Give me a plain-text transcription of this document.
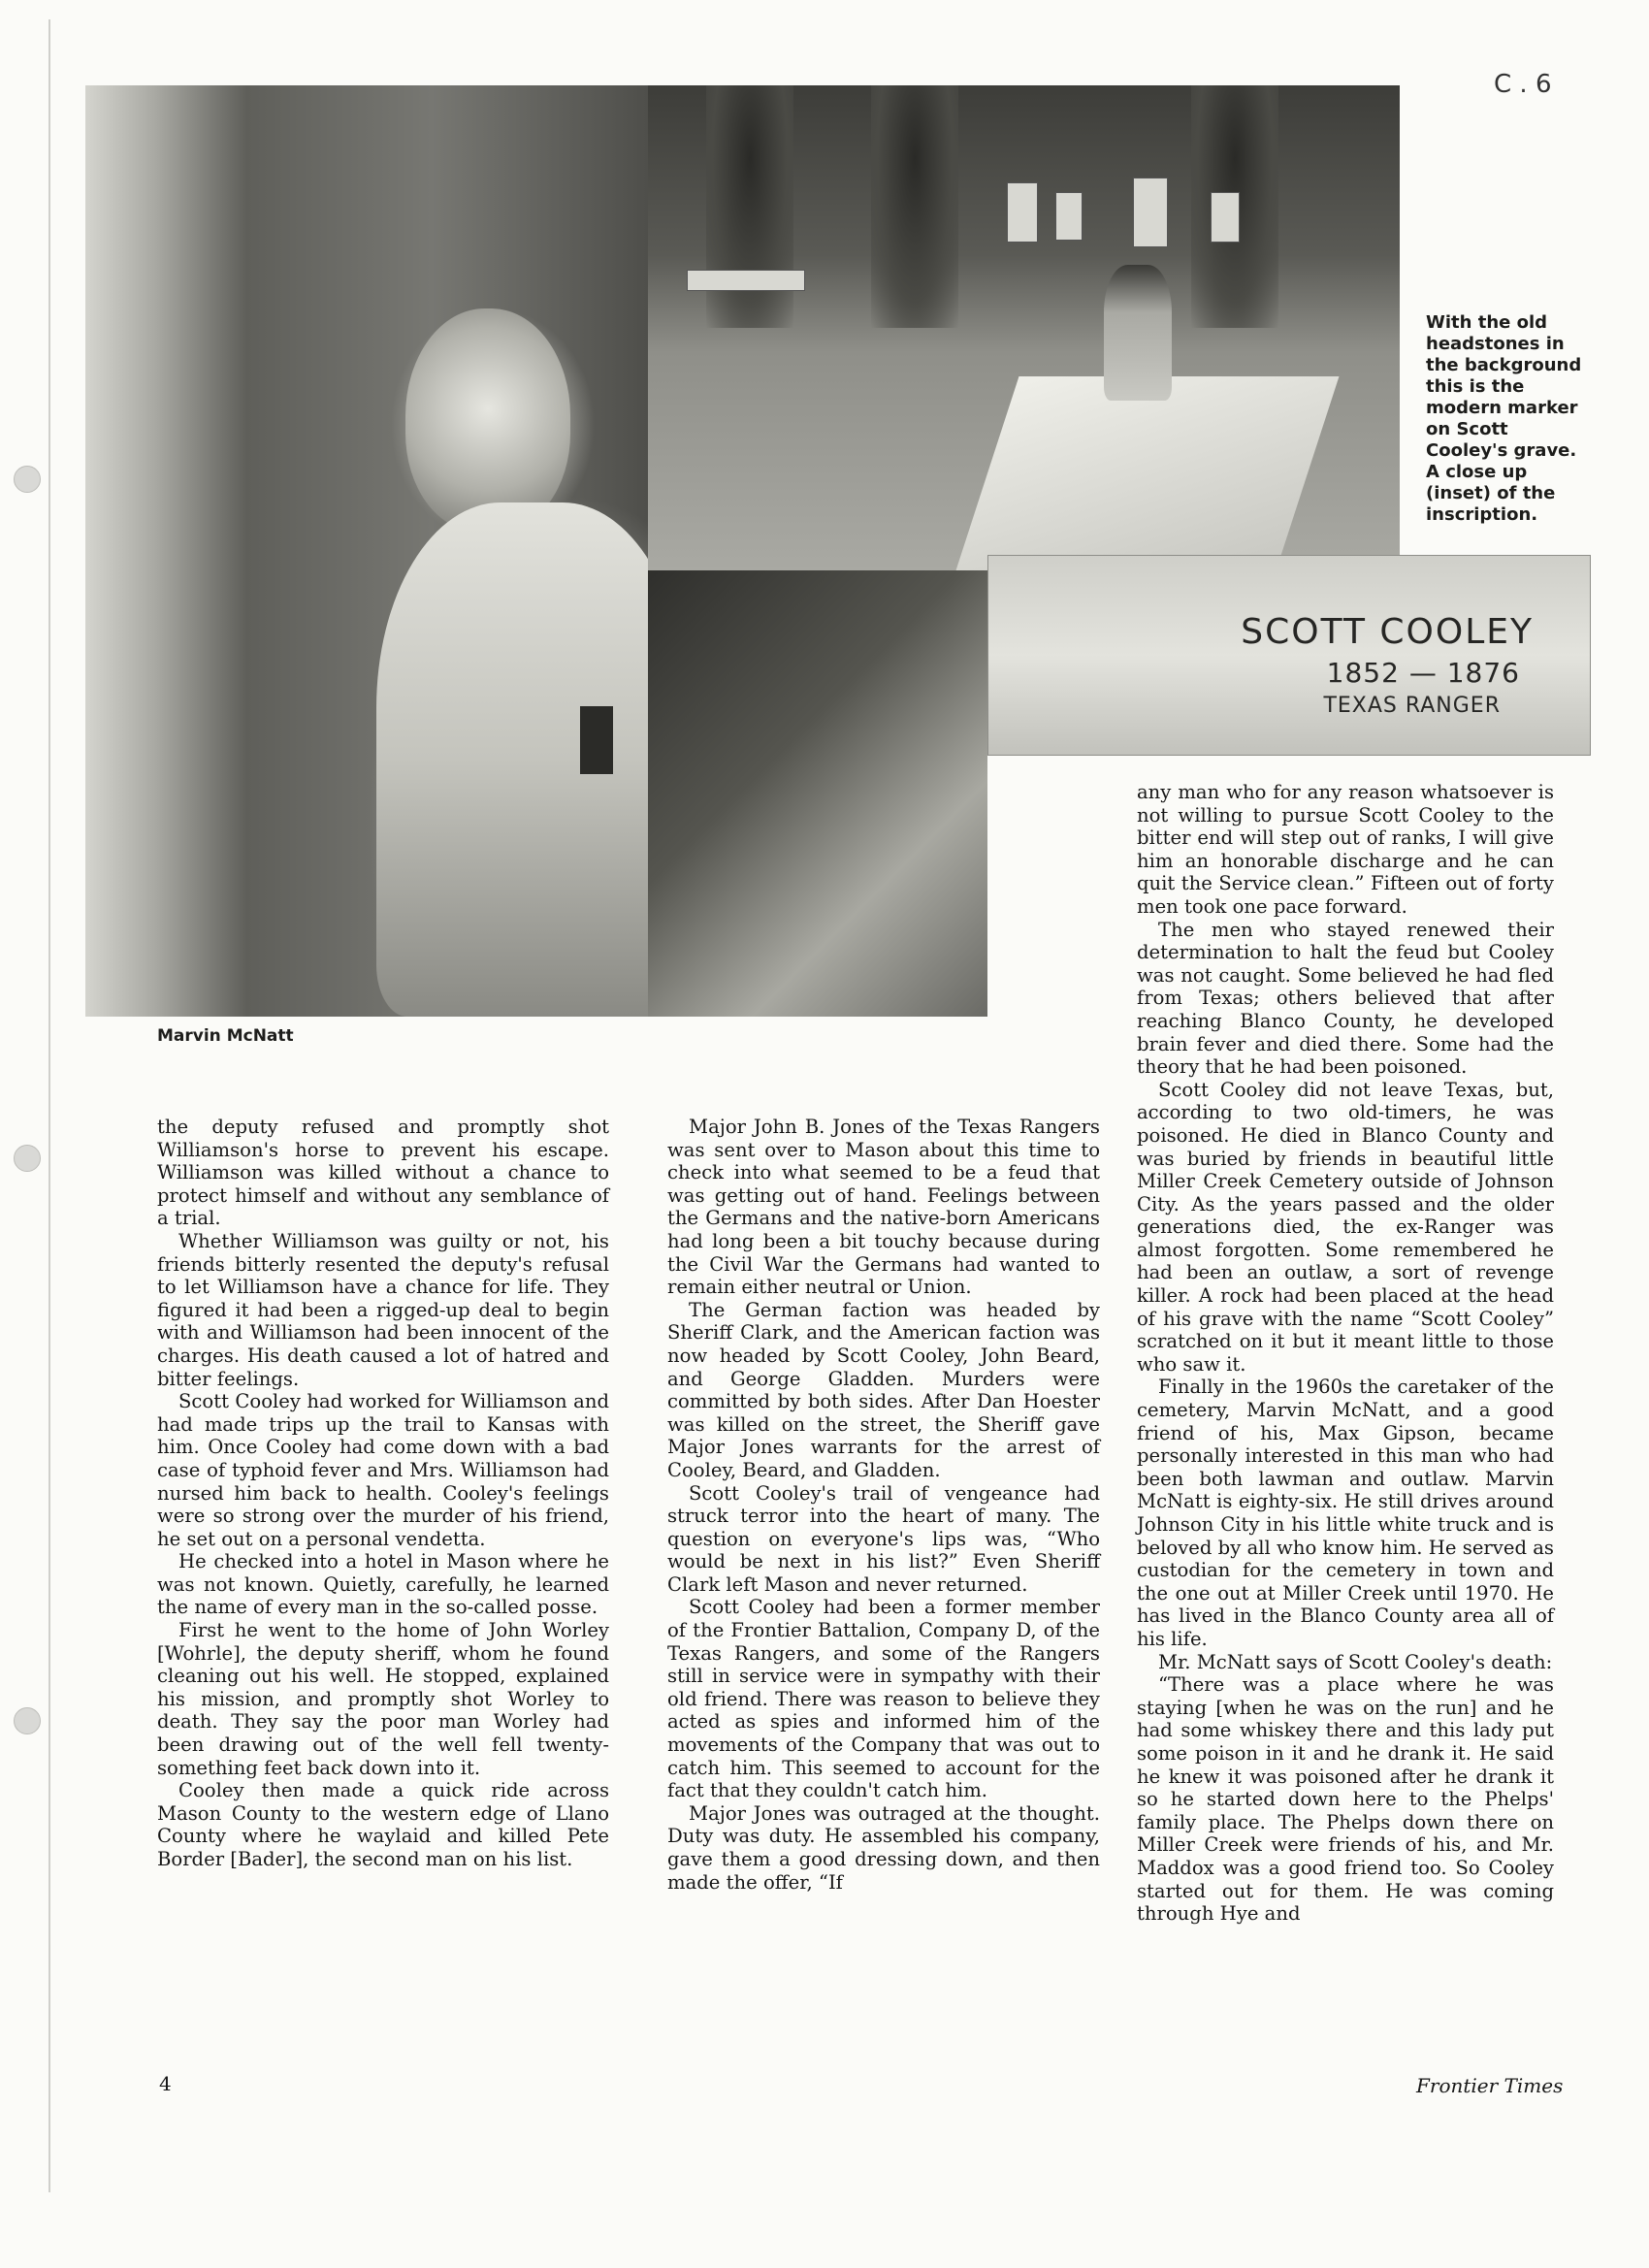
C . 6
SCOTT COOLEY
1852 — 1876
TEXAS RANGER
With the old headstones in the background this is the modern marker on Scott Cooley's grave. A close up (inset) of the inscription.
Marvin McNatt

the deputy refused and promptly shot Williamson's horse to prevent his escape. Williamson was killed without a chance to protect himself and without any semblance of a trial.

Whether Williamson was guilty or not, his friends bitterly resented the deputy's refusal to let Williamson have a chance for life. They figured it had been a rigged-up deal to begin with and Williamson had been innocent of the charges. His death caused a lot of hatred and bitter feelings.

Scott Cooley had worked for Williamson and had made trips up the trail to Kansas with him. Once Cooley had come down with a bad case of typhoid fever and Mrs. Williamson had nursed him back to health. Cooley's feelings were so strong over the murder of his friend, he set out on a personal vendetta.

He checked into a hotel in Mason where he was not known. Quietly, carefully, he learned the name of every man in the so-called posse.

First he went to the home of John Worley [Wohrle], the deputy sheriff, whom he found cleaning out his well. He stopped, explained his mission, and promptly shot Worley to death. They say the poor man Worley had been drawing out of the well fell twenty-something feet back down into it.

Cooley then made a quick ride across Mason County to the western edge of Llano County where he waylaid and killed Pete Border [Bader], the second man on his list.

Major John B. Jones of the Texas Rangers was sent over to Mason about this time to check into what seemed to be a feud that was getting out of hand. Feelings between the Germans and the native-born Americans had long been a bit touchy because during the Civil War the Germans had wanted to remain either neutral or Union.

The German faction was headed by Sheriff Clark, and the American faction was now headed by Scott Cooley, John Beard, and George Gladden. Murders were committed by both sides. After Dan Hoester was killed on the street, the Sheriff gave Major Jones warrants for the arrest of Cooley, Beard, and Gladden.

Scott Cooley's trail of vengeance had struck terror into the heart of many. The question on everyone's lips was, “Who would be next in his list?” Even Sheriff Clark left Mason and never returned.

Scott Cooley had been a former member of the Frontier Battalion, Company D, of the Texas Rangers, and some of the Rangers still in service were in sympathy with their old friend. There was reason to believe they acted as spies and informed him of the movements of the Company that was out to catch him. This seemed to account for the fact that they couldn't catch him.

Major Jones was outraged at the thought. Duty was duty. He assembled his company, gave them a good dressing down, and then made the offer, “If

any man who for any reason whatsoever is not willing to pursue Scott Cooley to the bitter end will step out of ranks, I will give him an honorable discharge and he can quit the Service clean.” Fifteen out of forty men took one pace forward.

The men who stayed renewed their determination to halt the feud but Cooley was not caught. Some believed he had fled from Texas; others believed that after reaching Blanco County, he developed brain fever and died there. Some had the theory that he had been poisoned.

Scott Cooley did not leave Texas, but, according to two old-timers, he was poisoned. He died in Blanco County and was buried by friends in beautiful little Miller Creek Cemetery outside of Johnson City. As the years passed and the older generations died, the ex-Ranger was almost forgotten. Some remembered he had been an outlaw, a sort of revenge killer. A rock had been placed at the head of his grave with the name “Scott Cooley” scratched on it but it meant little to those who saw it.

Finally in the 1960s the caretaker of the cemetery, Marvin McNatt, and a good friend of his, Max Gipson, became personally interested in this man who had been both lawman and outlaw. Marvin McNatt is eighty-six. He still drives around Johnson City in his little white truck and is beloved by all who know him. He served as custodian for the cemetery in town and the one out at Miller Creek until 1970. He has lived in the Blanco County area all of his life.

Mr. McNatt says of Scott Cooley's death:

“There was a place where he was staying [when he was on the run] and he had some whiskey there and this lady put some poison in it and he drank it. He said he knew it was poisoned after he drank it so he started down here to the Phelps' family place. The Phelps down there on Miller Creek were friends of his, and Mr. Maddox was a good friend too. So Cooley started out for them. He was coming through Hye and

4	Frontier Times
